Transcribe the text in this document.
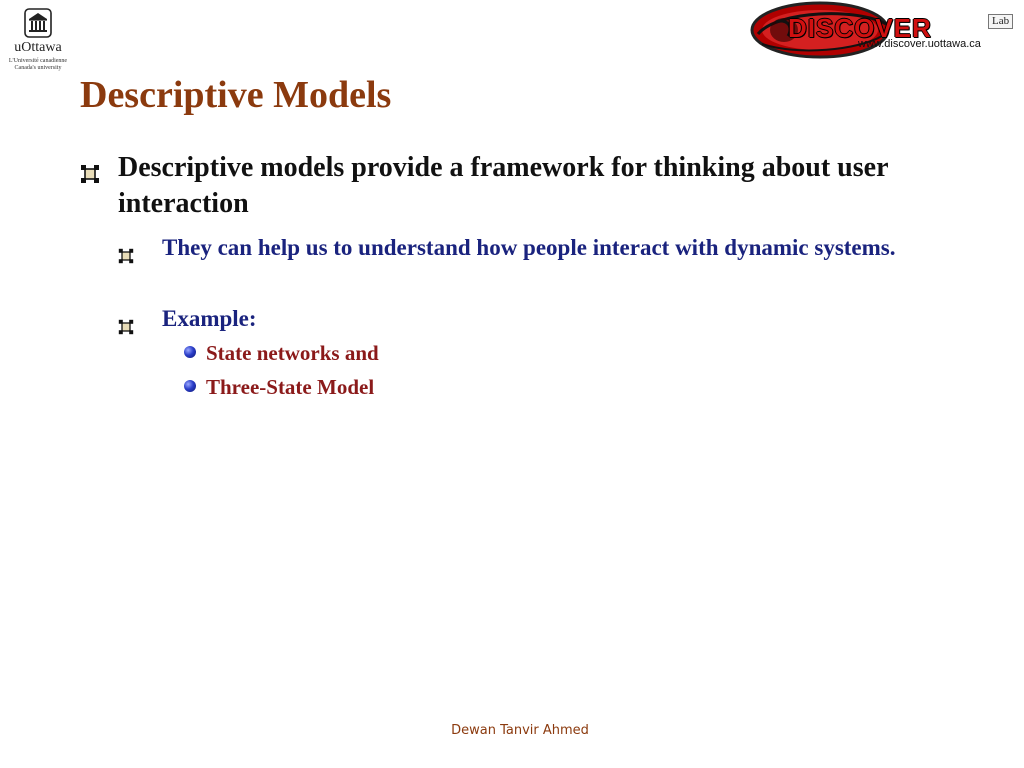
uOttawa
L'Université canadienne
Canada's university
DISCOVER	Lab
www.discover.uottawa.ca
Descriptive Models
Descriptive models provide a framework for thinking about user interaction
They can help us to understand how people interact with dynamic systems.
Example:
State networks and
Three-State Model
Dewan Tanvir Ahmed
